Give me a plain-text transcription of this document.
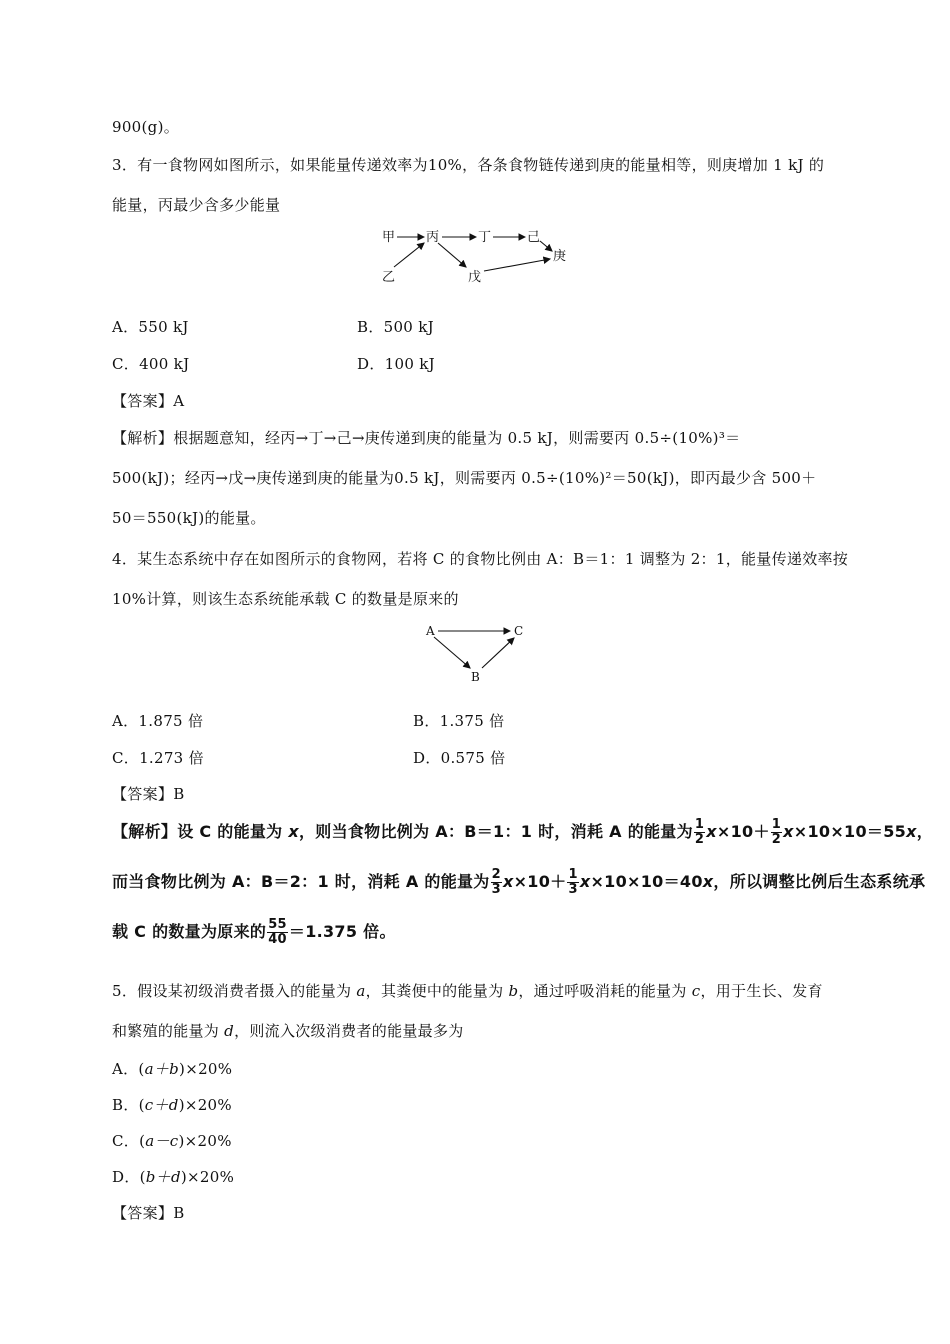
900(g)。
3．有一食物网如图所示，如果能量传递效率为10%，各条食物链传递到庚的能量相等，则庚增加 1 kJ 的
能量，丙最少含多少能量
甲 丙	丁	己
庚
乙	戊
A．550 kJ	B．500 kJ
C．400 kJ	D．100 kJ
【答案】A
【解析】根据题意知，经丙→丁→己→庚传递到庚的能量为 0.5 kJ，则需要丙 0.5÷(10%)³＝
500(kJ)；经丙→戊→庚传递到庚的能量为0.5 kJ，则需要丙 0.5÷(10%)²＝50(kJ)，即丙最少含 500＋
50＝550(kJ)的能量。
4．某生态系统中存在如图所示的食物网，若将 C 的食物比例由 A：B＝1：1 调整为 2：1，能量传递效率按
10%计算，则该生态系统能承载 C 的数量是原来的
A	C
B
A．1.875 倍	B．1.375 倍
C．1.273 倍	D．0.575 倍
【答案】B
【解析】设 C 的能量为 x，则当食物比例为 A：B＝1：1 时，消耗 A 的能量为 $\frac{1}{2} x\times 10+ \frac{1}{2} x\times 10\times 10=55x$，
而当食物比例为 A：B＝2：1 时，消耗 A 的能量为 $\frac{2}{3} x\times 10+ \frac{1}{3} x\times 10\times 10=40x$，所以调整比例后生态系统承
载 C 的数量为原来的 $\frac{55}{40} =1.375$ 倍。
5．假设某初级消费者摄入的能量为 a，其粪便中的能量为 b，通过呼吸消耗的能量为 c，用于生长、发育
和繁殖的能量为 d，则流入次级消费者的能量最多为
A．(a＋b)×20%
B．(c＋d)×20%
C．(a－c)×20%
D．(b＋d)×20%
【答案】B
